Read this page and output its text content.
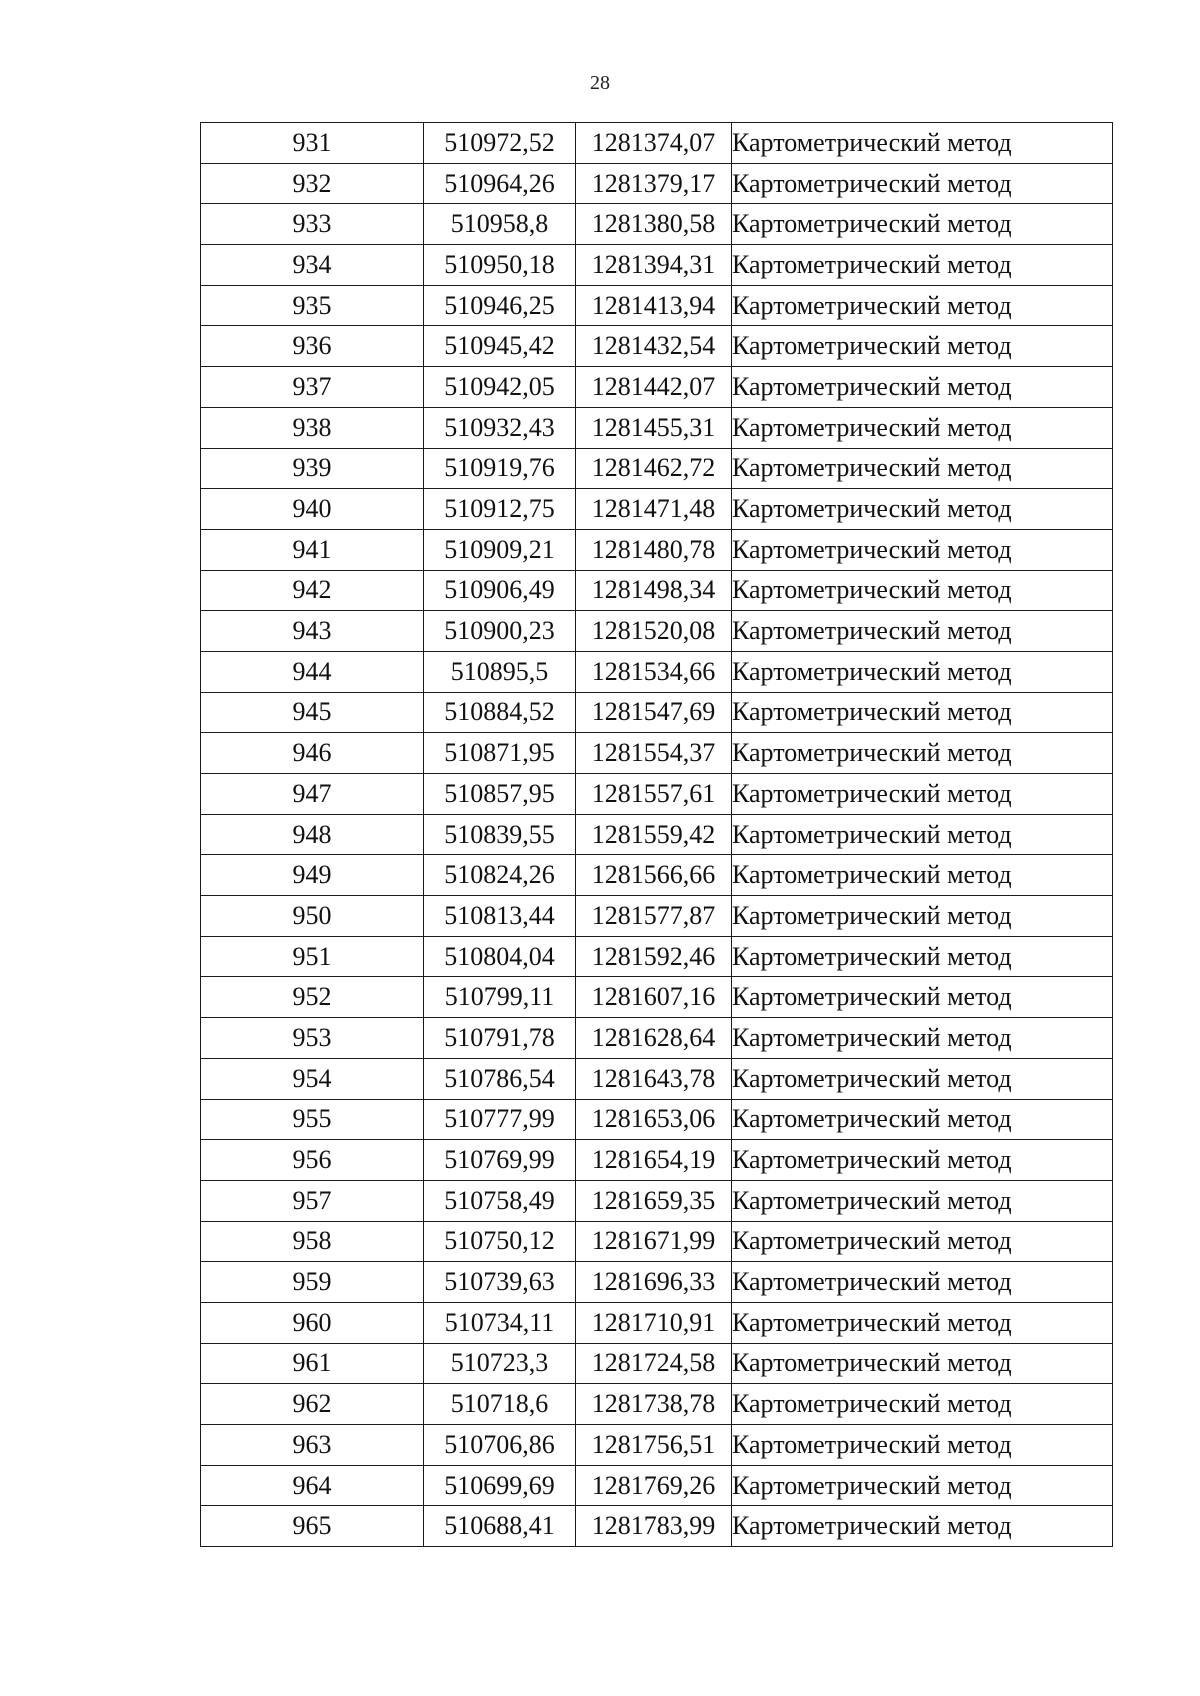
28
931	510972,52	1281374,07	Картометрический метод
932	510964,26	1281379,17	Картометрический метод
933	510958,8	1281380,58	Картометрический метод
934	510950,18	1281394,31	Картометрический метод
935	510946,25	1281413,94	Картометрический метод
936	510945,42	1281432,54	Картометрический метод
937	510942,05	1281442,07	Картометрический метод
938	510932,43	1281455,31	Картометрический метод
939	510919,76	1281462,72	Картометрический метод
940	510912,75	1281471,48	Картометрический метод
941	510909,21	1281480,78	Картометрический метод
942	510906,49	1281498,34	Картометрический метод
943	510900,23	1281520,08	Картометрический метод
944	510895,5	1281534,66	Картометрический метод
945	510884,52	1281547,69	Картометрический метод
946	510871,95	1281554,37	Картометрический метод
947	510857,95	1281557,61	Картометрический метод
948	510839,55	1281559,42	Картометрический метод
949	510824,26	1281566,66	Картометрический метод
950	510813,44	1281577,87	Картометрический метод
951	510804,04	1281592,46	Картометрический метод
952	510799,11	1281607,16	Картометрический метод
953	510791,78	1281628,64	Картометрический метод
954	510786,54	1281643,78	Картометрический метод
955	510777,99	1281653,06	Картометрический метод
956	510769,99	1281654,19	Картометрический метод
957	510758,49	1281659,35	Картометрический метод
958	510750,12	1281671,99	Картометрический метод
959	510739,63	1281696,33	Картометрический метод
960	510734,11	1281710,91	Картометрический метод
961	510723,3	1281724,58	Картометрический метод
962	510718,6	1281738,78	Картометрический метод
963	510706,86	1281756,51	Картометрический метод
964	510699,69	1281769,26	Картометрический метод
965	510688,41	1281783,99	Картометрический метод
